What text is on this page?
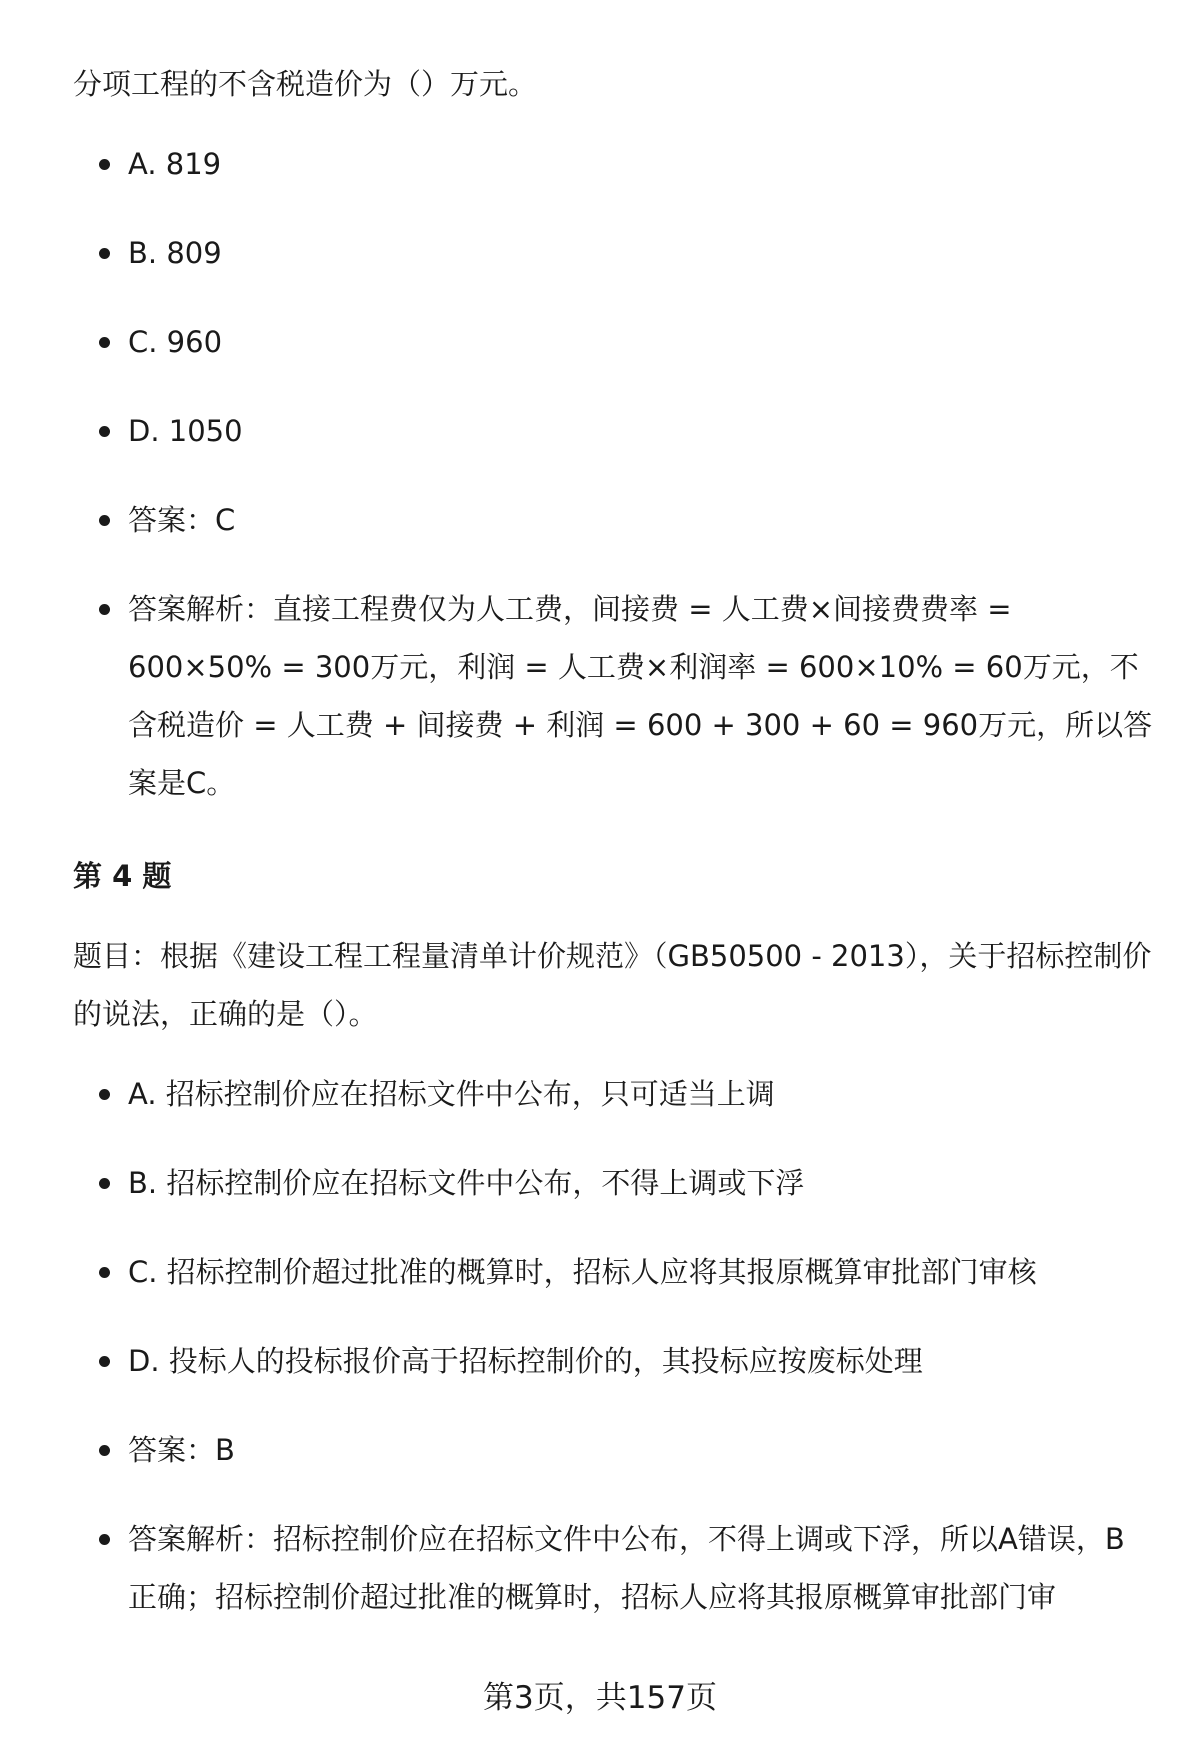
分项工程的不含税造价为（）万元。

A. 819
B. 809
C. 960
D. 1050
答案：C
答案解析：直接工程费仅为人工费，间接费 = 人工费×间接费费率 = 600×50% = 300万元，利润 = 人工费×利润率 = 600×10% = 60万元，不含税造价 = 人工费 + 间接费 + 利润 = 600 + 300 + 60 = 960万元，所以答案是C。

第 4 题

题目：根据《建设工程工程量清单计价规范》（GB50500 - 2013），关于招标控制价的说法，正确的是（）。

A. 招标控制价应在招标文件中公布，只可适当上调
B. 招标控制价应在招标文件中公布，不得上调或下浮
C. 招标控制价超过批准的概算时，招标人应将其报原概算审批部门审核
D. 投标人的投标报价高于招标控制价的，其投标应按废标处理
答案：B
答案解析：招标控制价应在招标文件中公布，不得上调或下浮，所以A错误，B正确；招标控制价超过批准的概算时，招标人应将其报原概算审批部门审
第3页，共157页
